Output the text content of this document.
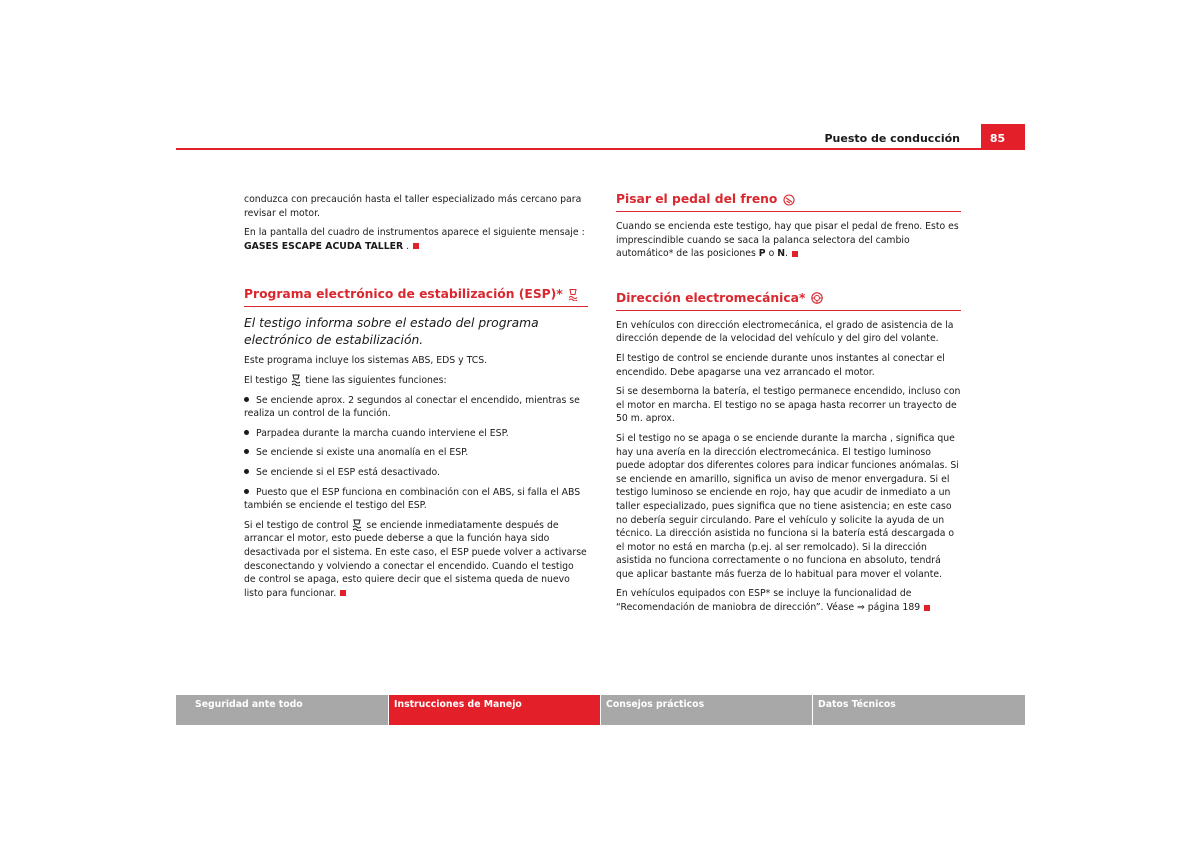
Puesto de conducción	85

conduzca con precaución hasta el taller especializado más cercano para revisar el motor.

En la pantalla del cuadro de instrumentos aparece el siguiente mensaje :
GASES ESCAPE ACUDA TALLER .

Programa electrónico de estabilización (ESP)*

El testigo informa sobre el estado del programa electrónico de estabilización.

Este programa incluye los sistemas ABS, EDS y TCS.

El testigo tiene las siguientes funciones:

Se enciende aprox. 2 segundos al conectar el encendido, mientras se realiza un control de la función.

Parpadea durante la marcha cuando interviene el ESP.

Se enciende si existe una anomalía en el ESP.

Se enciende si el ESP está desactivado.

Puesto que el ESP funciona en combinación con el ABS, si falla el ABS también se enciende el testigo del ESP.

Si el testigo de control se enciende inmediatamente después de arrancar el motor, esto puede deberse a que la función haya sido desactivada por el sistema. En este caso, el ESP puede volver a activarse desconectando y volviendo a conectar el encendido. Cuando el testigo de control se apaga, esto quiere decir que el sistema queda de nuevo listo para funcionar.

Pisar el pedal del freno

Cuando se encienda este testigo, hay que pisar el pedal de freno. Esto es imprescindible cuando se saca la palanca selectora del cambio automático* de las posiciones P o N.

Dirección electromecánica*

En vehículos con dirección electromecánica, el grado de asistencia de la dirección depende de la velocidad del vehículo y del giro del volante.

El testigo de control se enciende durante unos instantes al conectar el encendido. Debe apagarse una vez arrancado el motor.

Si se desemborna la batería, el testigo permanece encendido, incluso con el motor en marcha. El testigo no se apaga hasta recorrer un trayecto de 50 m. aprox.

Si el testigo no se apaga o se enciende durante la marcha , significa que hay una avería en la dirección electromecánica. El testigo luminoso puede adoptar dos diferentes colores para indicar funciones anómalas. Si se enciende en amarillo, significa un aviso de menor envergadura. Si el testigo luminoso se enciende en rojo, hay que acudir de inmediato a un taller especializado, pues significa que no tiene asistencia; en este caso no debería seguir circulando. Pare el vehículo y solicite la ayuda de un técnico. La dirección asistida no funciona si la batería está descargada o el motor no está en marcha (p.ej. al ser remolcado). Si la dirección asistida no funciona correctamente o no funciona en absoluto, tendrá que aplicar bastante más fuerza de lo habitual para mover el volante.

En vehículos equipados con ESP* se incluye la funcionalidad de “Recomendación de maniobra de dirección”. Véase ⇒ página 189

Seguridad ante todo	Instrucciones de Manejo	Consejos prácticos	Datos Técnicos
